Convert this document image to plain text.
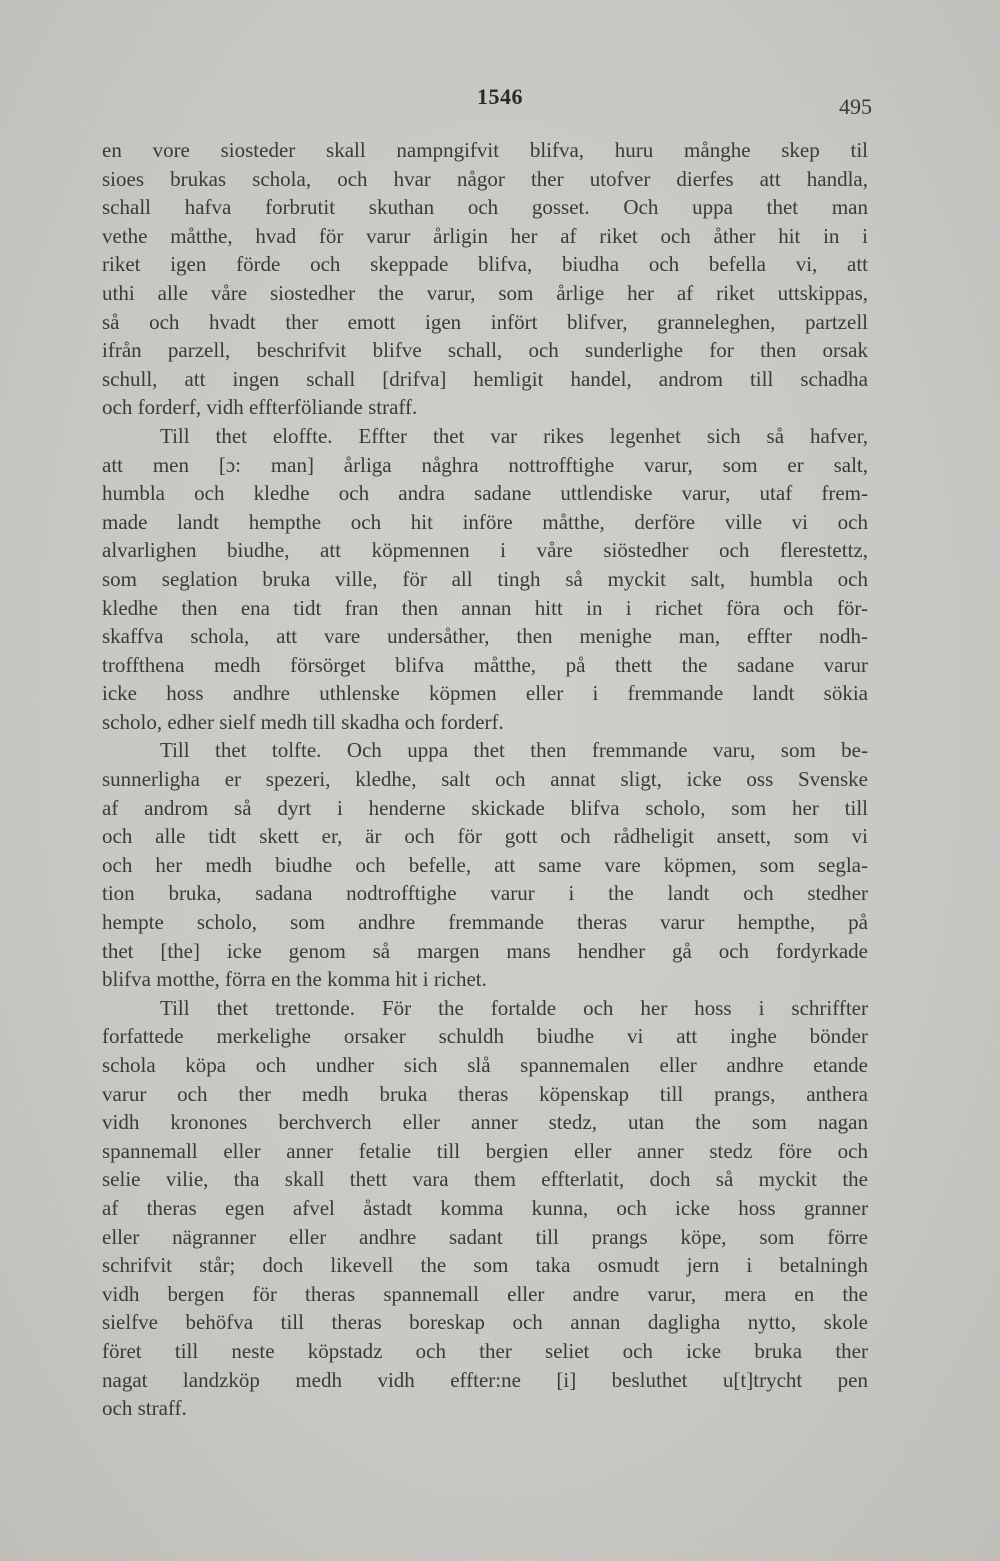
1546	495
en vore siosteder skall nampngifvit blifva, huru månghe skep til
sioes brukas schola, och hvar någor ther utofver dierfes att handla,
schall hafva forbrutit skuthan och gosset. Och uppa thet man
vethe måtthe, hvad för varur årligin her af riket och åther hit in i
riket igen förde och skeppade blifva, biudha och befella vi, att
uthi alle våre siostedher the varur, som årlige her af riket uttskippas,
så och hvadt ther emott igen infört blifver, granneleghen, partzell
ifrån parzell, beschrifvit blifve schall, och sunderlighe for then orsak
schull, att ingen schall [drifva] hemligit handel, androm till schadha
och forderf, vidh effterföliande straff.
Till thet eloffte. Effter thet var rikes legenhet sich så hafver,
att men [ɔ: man] årliga någhra nottrofftighe varur, som er salt,
humbla och kledhe och andra sadane uttlendiske varur, utaf frem-
made landt hempthe och hit införe måtthe, derföre ville vi och
alvarlighen biudhe, att köpmennen i våre siöstedher och flerestettz,
som seglation bruka ville, för all tingh så myckit salt, humbla och
kledhe then ena tidt fran then annan hitt in i richet föra och för-
skaffva schola, att vare undersåther, then menighe man, effter nodh-
troffthena medh försörget blifva måtthe, på thett the sadane varur
icke hoss andhre uthlenske köpmen eller i fremmande landt sökia
scholo, edher sielf medh till skadha och forderf.
Till thet tolfte. Och uppa thet then fremmande varu, som be-
sunnerligha er spezeri, kledhe, salt och annat sligt, icke oss Svenske
af androm så dyrt i henderne skickade blifva scholo, som her till
och alle tidt skett er, är och för gott och rådheligit ansett, som vi
och her medh biudhe och befelle, att same vare köpmen, som segla-
tion bruka, sadana nodtrofftighe varur i the landt och stedher
hempte scholo, som andhre fremmande theras varur hempthe, på
thet [the] icke genom så margen mans hendher gå och fordyrkade
blifva motthe, förra en the komma hit i richet.
Till thet trettonde. För the fortalde och her hoss i schriffter
forfattede merkelighe orsaker schuldh biudhe vi att inghe bönder
schola köpa och undher sich slå spannemalen eller andhre etande
varur och ther medh bruka theras köpenskap till prangs, anthera
vidh kronones berchverch eller anner stedz, utan the som nagan
spannemall eller anner fetalie till bergien eller anner stedz före och
selie vilie, tha skall thett vara them effterlatit, doch så myckit the
af theras egen afvel åstadt komma kunna, och icke hoss granner
eller nägranner eller andhre sadant till prangs köpe, som förre
schrifvit står; doch likevell the som taka osmudt jern i betalningh
vidh bergen för theras spannemall eller andre varur, mera en the
sielfve behöfva till theras boreskap och annan dagligha nytto, skole
föret till neste köpstadz och ther seliet och icke bruka ther
nagat landzköp medh vidh effter:ne [i] besluthet u[t]trycht pen
och straff.
